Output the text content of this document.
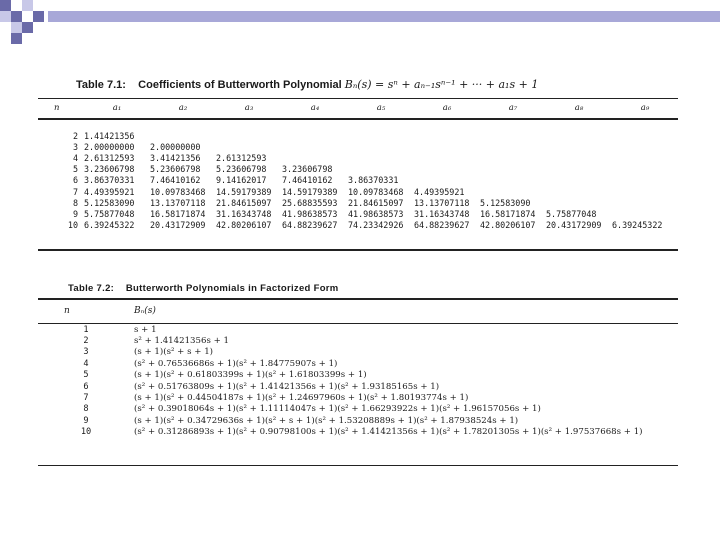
Table 7.1: Coefficients of Butterworth Polynomial Bₙ(s) = sⁿ + aₙ₋₁sⁿ⁻¹ + ··· + a₁s + 1
n	a₁	a₂	a₃	a₄	a₅	a₆	a₇	a₈	a₉

2	1.41421356								
3	2.00000000	2.00000000							
4	2.61312593	3.41421356	2.61312593						
5	3.23606798	5.23606798	5.23606798	3.23606798					
6	3.86370331	7.46410162	9.14162017	7.46410162	3.86370331				
7	4.49395921	10.09783468	14.59179389	14.59179389	10.09783468	4.49395921			
8	5.12583090	13.13707118	21.84615097	25.68835593	21.84615097	13.13707118	5.12583090		
9	5.75877048	16.58171874	31.16343748	41.98638573	41.98638573	31.16343748	16.58171874	5.75877048	
10	6.39245322	20.43172909	42.80206107	64.88239627	74.23342926	64.88239627	42.80206107	20.43172909	6.39245322
Table 7.2: Butterworth Polynomials in Factorized Form
n	Bₙ(s)
1	s + 1
2	s² + 1.41421356s + 1
3	(s + 1)(s² + s + 1)
4	(s² + 0.76536686s + 1)(s² + 1.84775907s + 1)
5	(s + 1)(s² + 0.61803399s + 1)(s² + 1.61803399s + 1)
6	(s² + 0.51763809s + 1)(s² + 1.41421356s + 1)(s² + 1.93185165s + 1)
7	(s + 1)(s² + 0.44504187s + 1)(s² + 1.24697960s + 1)(s² + 1.80193774s + 1)
8	(s² + 0.39018064s + 1)(s² + 1.11114047s + 1)(s² + 1.66293922s + 1)(s² + 1.96157056s + 1)
9	(s + 1)(s² + 0.34729636s + 1)(s² + s + 1)(s² + 1.53208889s + 1)(s² + 1.87938524s + 1)
10	(s² + 0.31286893s + 1)(s² + 0.90798100s + 1)(s² + 1.41421356s + 1)(s² + 1.78201305s + 1)(s² + 1.97537668s + 1)
